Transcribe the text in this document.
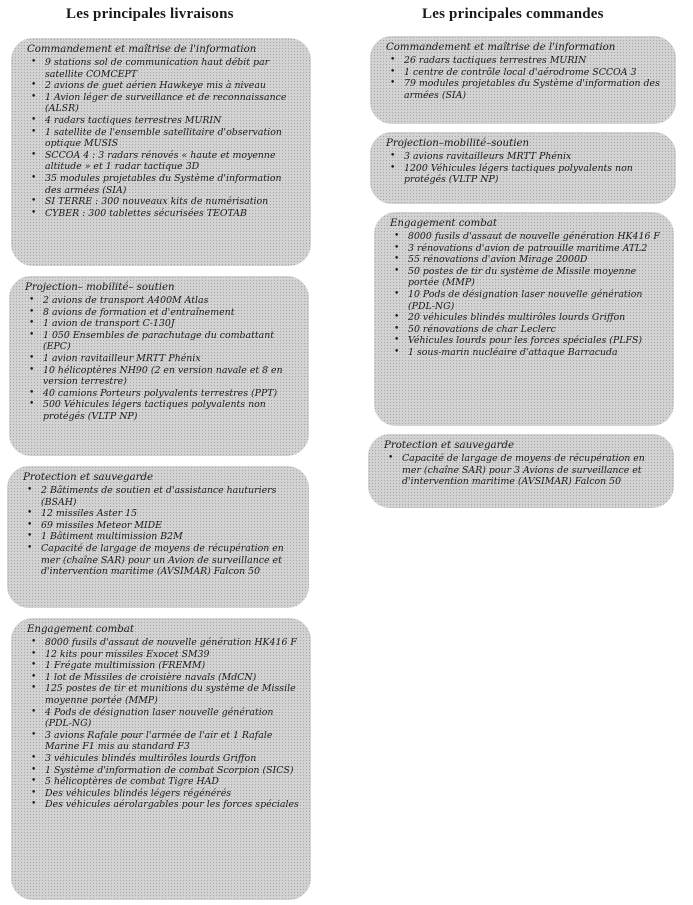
Les principales livraisons	Les principales commandes
Commandement et maîtrise de l'information
• 9 stations sol de communication haut débit par satellite COMCEPT
• 2 avions de guet aérien Hawkeye mis à niveau
• 1 Avion léger de surveillance et de reconnaissance (ALSR)
• 4 radars tactiques terrestres MURIN
• 1 satellite de l'ensemble satellitaire d'observation optique MUSIS
• SCCOA 4 : 3 radars rénovés « haute et moyenne altitude » et 1 radar tactique 3D
• 35 modules projetables du Système d'information des armées (SIA)
• SI TERRE : 300 nouveaux kits de numérisation
• CYBER : 300 tablettes sécurisées TEOTAB
Projection– mobilité– soutien
• 2 avions de transport A400M Atlas
• 8 avions de formation et d'entraînement
• 1 avion de transport C-130J
• 1 050 Ensembles de parachutage du combattant (EPC)
• 1 avion ravitailleur MRTT Phénix
• 10 hélicoptères NH90 (2 en version navale et 8 en version terrestre)
• 40 camions Porteurs polyvalents terrestres (PPT)
• 500 Véhicules légers tactiques polyvalents non protégés (VLTP NP)
Protection et sauvegarde
• 2 Bâtiments de soutien et d'assistance hauturiers (BSAH)
• 12 missiles Aster 15
• 69 missiles Meteor MIDE
• 1 Bâtiment multimission B2M
• Capacité de largage de moyens de récupération en mer (chaîne SAR) pour un Avion de surveillance et d'intervention maritime (AVSIMAR) Falcon 50
Engagement combat
• 8000 fusils d'assaut de nouvelle génération HK416 F
• 12 kits pour missiles Exocet SM39
• 1 Frégate multimission (FREMM)
• 1 lot de Missiles de croisière navals (MdCN)
• 125 postes de tir et munitions du système de Missile moyenne portée (MMP)
• 4 Pods de désignation laser nouvelle génération (PDL-NG)
• 3 avions Rafale pour l'armée de l'air et 1 Rafale Marine F1 mis au standard F3
• 3 véhicules blindés multirôles lourds Griffon
• 1 Système d'information de combat Scorpion (SICS)
• 5 hélicoptères de combat Tigre HAD
• Des véhicules blindés légers régénérés
• Des véhicules aérolargables pour les forces spéciales
Commandement et maîtrise de l'information
• 26 radars tactiques terrestres MURIN
• 1 centre de contrôle local d'aérodrome SCCOA 3
• 79 modules projetables du Système d'information des armées (SIA)
Projection–mobilité–soutien
• 3 avions ravitailleurs MRTT Phénix
• 1200 Véhicules légers tactiques polyvalents non protégés (VLTP NP)
Engagement combat
• 8000 fusils d'assaut de nouvelle génération HK416 F
• 3 rénovations d'avion de patrouille maritime ATL2
• 55 rénovations d'avion Mirage 2000D
• 50 postes de tir du système de Missile moyenne portée (MMP)
• 10 Pods de désignation laser nouvelle génération (PDL-NG)
• 20 véhicules blindés multirôles lourds Griffon
• 50 rénovations de char Leclerc
• Véhicules lourds pour les forces spéciales (PLFS)
• 1 sous-marin nucléaire d'attaque Barracuda
Protection et sauvegarde
• Capacité de largage de moyens de récupération en mer (chaîne SAR) pour 3 Avions de surveillance et d'intervention maritime (AVSIMAR) Falcon 50
